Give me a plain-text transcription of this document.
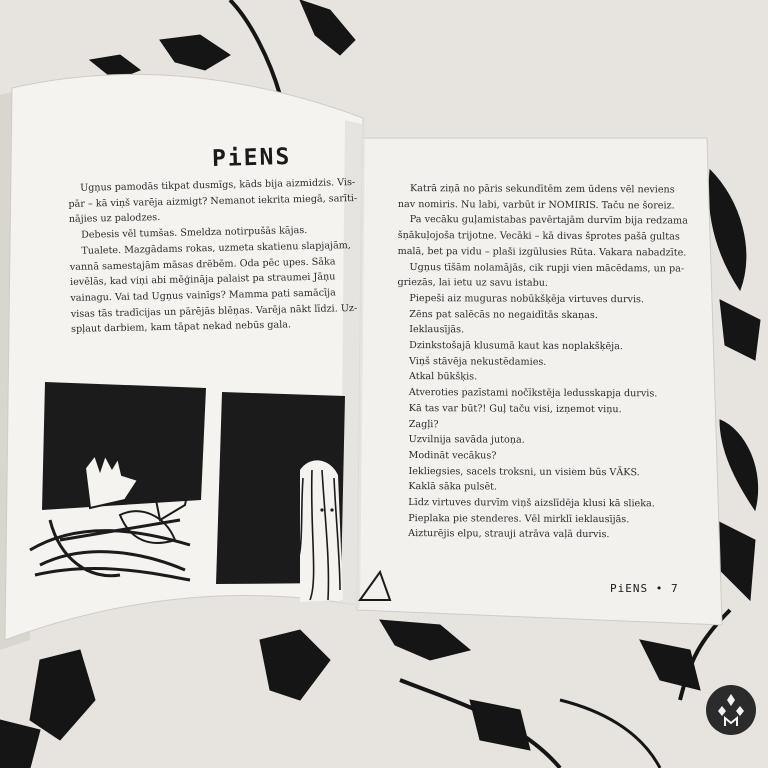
PiENS

Ugņus pamodās tikpat dusmīgs, kāds bija aizmidzis. Vis-

pār – kā viņš varēja aizmigt? Nemanot iekrita miegā, sarīti-

nājies uz palodzes.

Debesis vēl tumšas. Smeldza notirpušās kājas.

Tualete. Mazgādams rokas, uzmeta skatienu slapjajām,

vannā samestajām māsas drēbēm. Oda pēc upes. Sāka

ievēlās, kad viņi abi mēģināja palaist pa straumei Jāņu

vainagu. Vai tad Ugņus vainīgs? Mamma pati samācīja

visas tās tradīcijas un pārējās blēņas. Varēja nākt līdzi. Uz-

spļaut darbiem, kam tāpat nekad nebūs gala.

Katrā ziņā no pāris sekundītēm zem ūdens vēl neviens

nav nomiris. Nu labi, varbūt ir NOMIRIS. Taču ne šoreiz.

Pa vecāku guļamistabas pavērtajām durvīm bija redzama

šņākuļojoša trijotne. Vecāki – kā divas šprotes pašā gultas

malā, bet pa vidu – plaši izgūlusies Rūta. Vakara nabadzīte.

Ugņus tīšām nolamājās, cik rupji vien mācēdams, un pa-

griezās, lai ietu uz savu istabu.

Piepeši aiz muguras nobūkšķēja virtuves durvis.

Zēns pat salēcās no negaidītās skaņas.

Ieklausījās.

Dzinkstošajā klusumā kaut kas noplakšķēja.

Viņš stāvēja nekustēdamies.

Atkal būkšķis.

Atveroties pazīstami nočīkstēja ledusskapja durvis.

Kā tas var būt?! Guļ taču visi, izņemot viņu.

Zagļi?

Uzvilnija savāda jutoņa.

Modināt vecākus?

Iekliegsies, sacels troksni, un visiem būs VĀKS.

Kaklā sāka pulsēt.

Līdz virtuves durvīm viņš aizslīdēja klusi kā slieka.

Pieplaka pie stenderes. Vēl mirklī ieklausījās.

Aizturējis elpu, strauji atrāva vaļā durvis.

PiENS • 7
